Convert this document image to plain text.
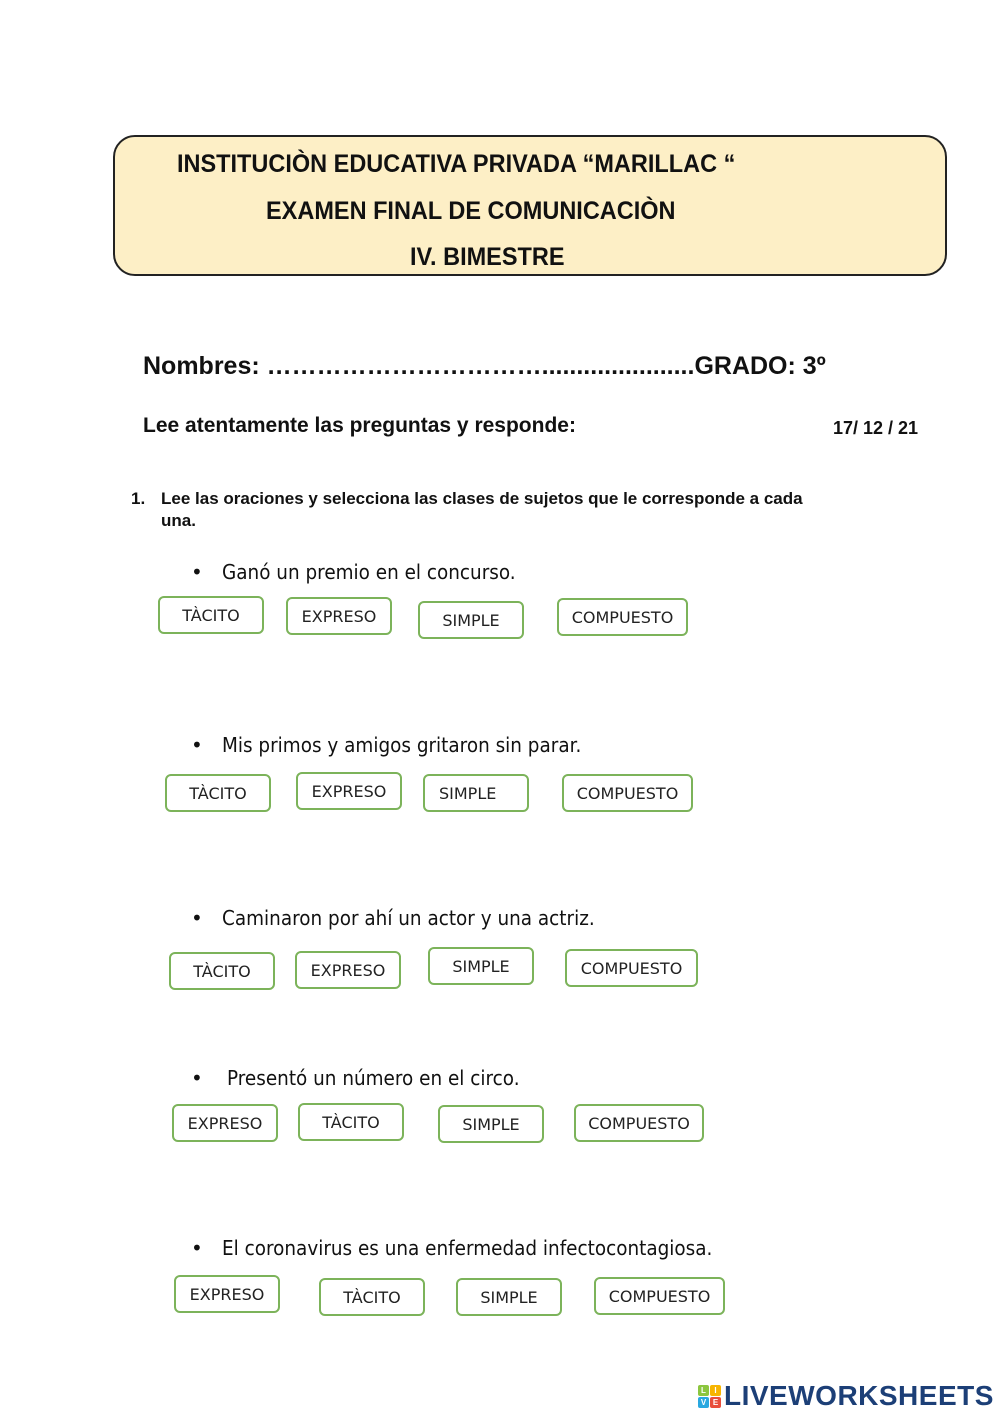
INSTITUCIÒN EDUCATIVA PRIVADA “MARILLAC “
EXAMEN FINAL DE COMUNICACIÒN
IV. BIMESTRE
Nombres: ……………………………......................GRADO: 3º
Lee atentamente las preguntas y responde:	17/ 12 / 21
1. Lee las oraciones y selecciona las clases de sujetos que le corresponde a cada
una.
• Ganó un premio en el concurso.
TÀCITO	EXPRESO	SIMPLE	COMPUESTO
• Mis primos y amigos gritaron sin parar.
TÀCITO	EXPRESO	SIMPLE	COMPUESTO
• Caminaron por ahí un actor y una actriz.
TÀCITO	EXPRESO	SIMPLE	COMPUESTO
• Presentó un número en el circo.
EXPRESO	TÀCITO	SIMPLE	COMPUESTO
• El coronavirus es una enfermedad infectocontagiosa.
EXPRESO	TÀCITO	SIMPLE	COMPUESTO
L	I
V E LIVEWORKSHEETS
